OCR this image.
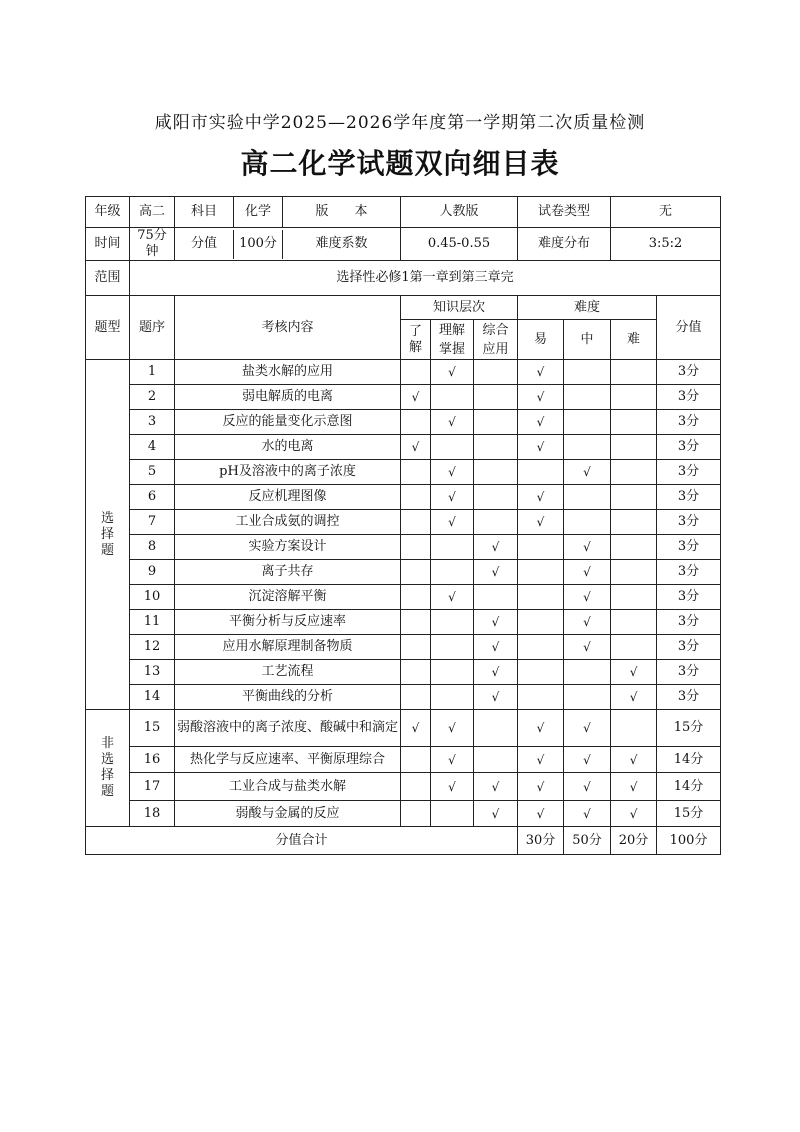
咸阳市实验中学2025—2026学年度第一学期第二次质量检测
高二化学试题双向细目表
年级	高二	科目 化学 版　　本	人教版			试卷类型		无	
时间	75分钟	分值 100分 难度系数	0.45-0.55			难度分布		3:5:2	
范围	选择性必修1第一章到第三章完								
题型	题序	考核内容	知识层次			难度			分值
			了解	理解掌握	综合应用	易	中	难	
选择题	1	盐类水解的应用		√		√			3分
	2	弱电解质的电离	√			√			3分
	3	反应的能量变化示意图		√		√			3分
	4	水的电离	√			√			3分
	5	pH及溶液中的离子浓度		√			√		3分
	6	反应机理图像		√		√			3分
	7	工业合成氨的调控		√		√			3分
	8	实验方案设计			√		√		3分
	9	离子共存			√		√		3分
	10	沉淀溶解平衡		√			√		3分
	11	平衡分析与反应速率			√		√		3分
	12	应用水解原理制备物质			√		√		3分
	13	工艺流程			√			√	3分
	14	平衡曲线的分析			√			√	3分
非选择题	15	弱酸溶液中的离子浓度、酸碱中和滴定	√	√		√	√		15分
	16	热化学与反应速率、平衡原理综合		√		√	√	√	14分
	17	工业合成与盐类水解		√	√	√	√	√	14分
	18	弱酸与金属的反应			√	√	√	√	15分
分值合计						30分	50分	20分	100分
